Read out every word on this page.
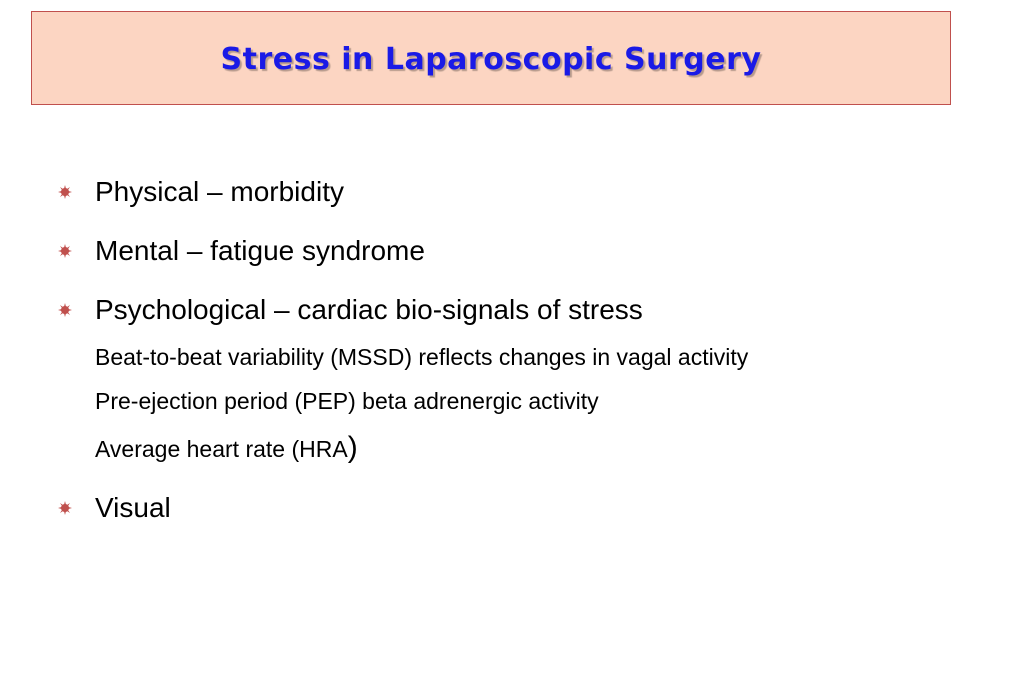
Stress in Laparoscopic Surgery
Physical – morbidity
Mental – fatigue syndrome
Psychological – cardiac bio-signals of stress
Beat-to-beat variability (MSSD) reflects changes in vagal activity
Pre-ejection period (PEP) beta adrenergic activity
Average heart rate (HRA)
Visual
